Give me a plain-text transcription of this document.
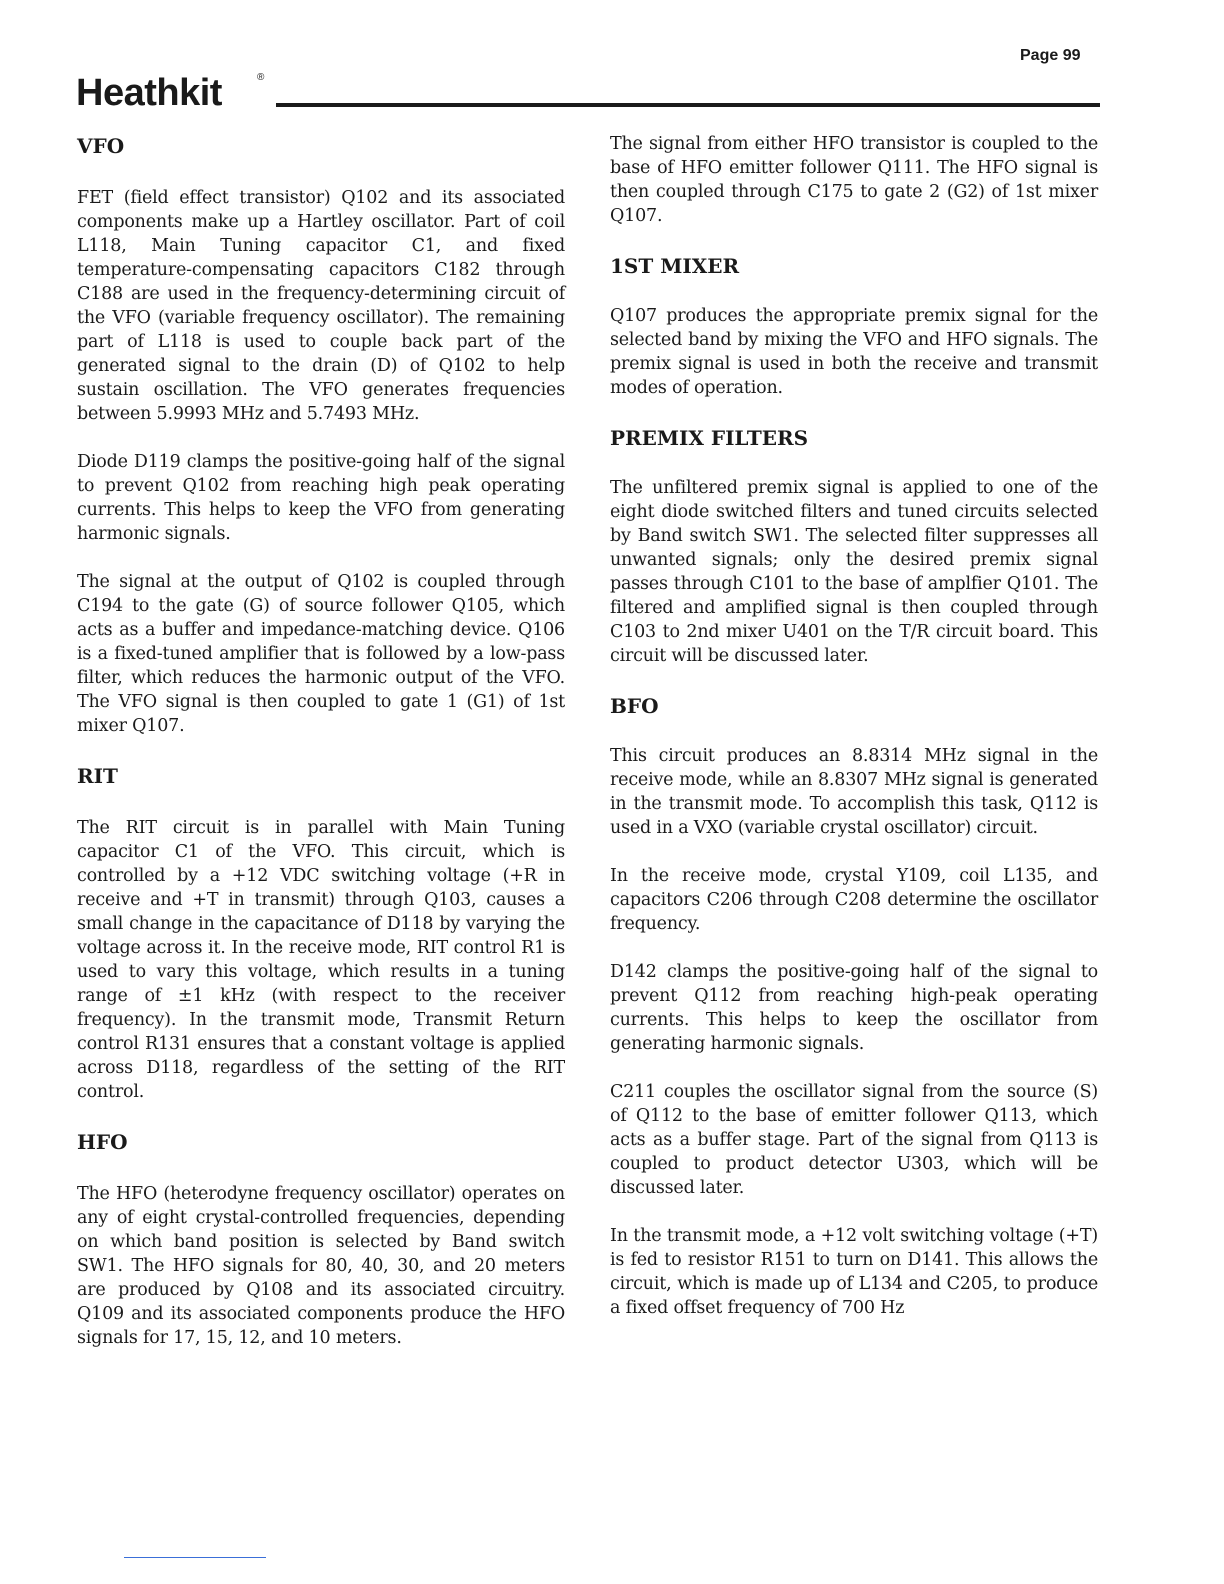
Page 99
Heathkit	®
VFO

FET (field effect transistor) Q102 and its associated components make up a Hartley oscillator. Part of coil L118, Main Tuning capacitor C1, and fixed temperature-compensating capacitors C182 through C188 are used in the frequency-determining circuit of the VFO (variable frequency oscillator). The remaining part of L118 is used to couple back part of the generated signal to the drain (D) of Q102 to help sustain oscillation. The VFO generates frequencies between 5.9993 MHz and 5.7493 MHz.

Diode D119 clamps the positive-going half of the signal to prevent Q102 from reaching high peak operating currents. This helps to keep the VFO from generating harmonic signals.

The signal at the output of Q102 is coupled through C194 to the gate (G) of source follower Q105, which acts as a buffer and impedance-matching device. Q106 is a fixed-tuned amplifier that is followed by a low-pass filter, which reduces the harmonic output of the VFO. The VFO signal is then coupled to gate 1 (G1) of 1st mixer Q107.

RIT

The RIT circuit is in parallel with Main Tuning capacitor C1 of the VFO. This circuit, which is controlled by a +12 VDC switching voltage (+R in receive and +T in transmit) through Q103, causes a small change in the capacitance of D118 by varying the voltage across it. In the receive mode, RIT control R1 is used to vary this voltage, which results in a tuning range of ±1 kHz (with respect to the receiver frequency). In the transmit mode, Transmit Return control R131 ensures that a constant voltage is applied across D118, regardless of the setting of the RIT control.

HFO

The HFO (heterodyne frequency oscillator) operates on any of eight crystal-controlled frequencies, depending on which band position is selected by Band switch SW1. The HFO signals for 80, 40, 30, and 20 meters are produced by Q108 and its associated circuitry. Q109 and its associated components produce the HFO signals for 17, 15, 12, and 10 meters.

The signal from either HFO transistor is coupled to the base of HFO emitter follower Q111. The HFO signal is then coupled through C175 to gate 2 (G2) of 1st mixer Q107.

1ST MIXER

Q107 produces the appropriate premix signal for the selected band by mixing the VFO and HFO signals. The premix signal is used in both the receive and transmit modes of operation.

PREMIX FILTERS

The unfiltered premix signal is applied to one of the eight diode switched filters and tuned circuits selected by Band switch SW1. The selected filter suppresses all unwanted signals; only the desired premix signal passes through C101 to the base of amplfier Q101. The filtered and amplified signal is then coupled through C103 to 2nd mixer U401 on the T/R circuit board. This circuit will be discussed later.

BFO

This circuit produces an 8.8314 MHz signal in the receive mode, while an 8.8307 MHz signal is generated in the transmit mode. To accomplish this task, Q112 is used in a VXO (variable crystal oscillator) circuit.

In the receive mode, crystal Y109, coil L135, and capacitors C206 through C208 determine the oscillator frequency.

D142 clamps the positive-going half of the signal to prevent Q112 from reaching high-peak operating currents. This helps to keep the oscillator from generating harmonic signals.

C211 couples the oscillator signal from the source (S) of Q112 to the base of emitter follower Q113, which acts as a buffer stage. Part of the signal from Q113 is coupled to product detector U303, which will be discussed later.

In the transmit mode, a +12 volt switching voltage (+T) is fed to resistor R151 to turn on D141. This allows the circuit, which is made up of L134 and C205, to produce a fixed offset frequency of 700 Hz
